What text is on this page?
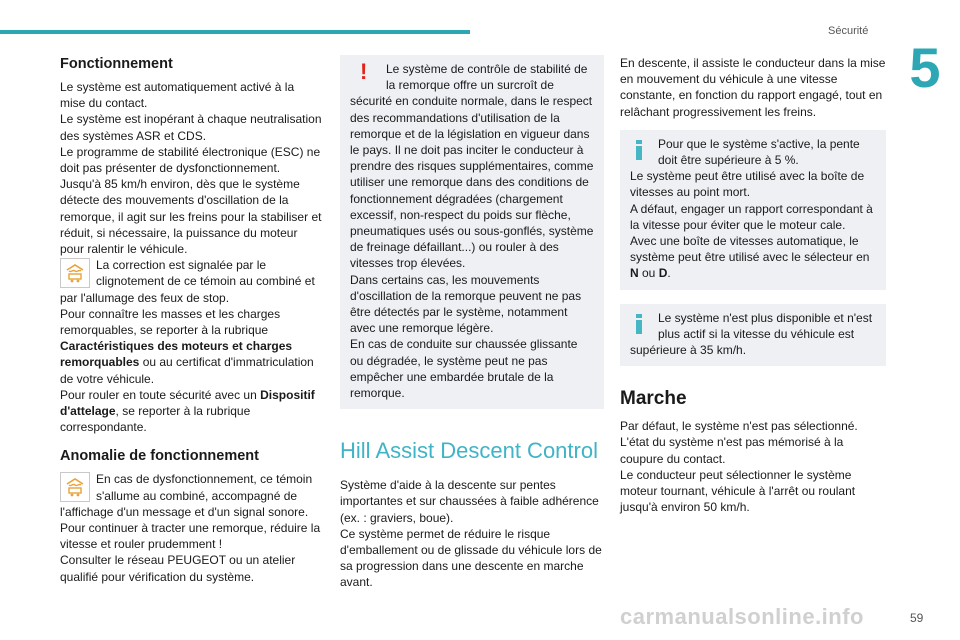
Sécurité
5
Fonctionnement

Le système est automatiquement activé à la mise du contact.

Le système est inopérant à chaque neutralisation des systèmes ASR et CDS.

Le programme de stabilité électronique (ESC) ne doit pas présenter de dysfonctionnement.

Jusqu'à 85 km/h environ, dès que le système détecte des mouvements d'oscillation de la remorque, il agit sur les freins pour la stabiliser et réduit, si nécessaire, la puissance du moteur pour ralentir le véhicule.

La correction est signalée par le clignotement de ce témoin au combiné et par l'allumage des feux de stop.

Pour connaître les masses et les charges remorquables, se reporter à la rubrique Caractéristiques des moteurs et charges remorquables ou au certificat d'immatriculation de votre véhicule.

Pour rouler en toute sécurité avec un Dispositif d'attelage, se reporter à la rubrique correspondante.

Anomalie de fonctionnement
En cas de dysfonctionnement, ce témoin s'allume au combiné, accompagné de l'affichage d'un message et d'un signal sonore.

Pour continuer à tracter une remorque, réduire la vitesse et rouler prudemment !

Consulter le réseau PEUGEOT ou un atelier qualifié pour vérification du système.

!	Le système de contrôle de stabilité de la remorque offre un surcroît de sécurité en conduite normale, dans le respect des recommandations d'utilisation de la remorque et de la législation en vigueur dans le pays. Il ne doit pas inciter le conducteur à prendre des risques supplémentaires, comme utiliser une remorque dans des conditions de fonctionnement dégradées (chargement excessif, non-respect du poids sur flèche, pneumatiques usés ou sous-gonflés, système de freinage défaillant...) ou rouler à des vitesses trop élevées.

Dans certains cas, les mouvements d'oscillation de la remorque peuvent ne pas être détectés par le système, notamment avec une remorque légère.

En cas de conduite sur chaussée glissante ou dégradée, le système peut ne pas empêcher une embardée brutale de la remorque.

Hill Assist Descent Control

Système d'aide à la descente sur pentes importantes et sur chaussées à faible adhérence (ex. : graviers, boue).

Ce système permet de réduire le risque d'emballement ou de glissade du véhicule lors de sa progression dans une descente en marche avant.

En descente, il assiste le conducteur dans la mise en mouvement du véhicule à une vitesse constante, en fonction du rapport engagé, tout en relâchant progressivement les freins.

Pour que le système s'active, la pente doit être supérieure à 5 %.

Le système peut être utilisé avec la boîte de vitesses au point mort.

A défaut, engager un rapport correspondant à la vitesse pour éviter que le moteur cale.

Avec une boîte de vitesses automatique, le système peut être utilisé avec le sélecteur en N ou D.

Le système n'est plus disponible et n'est plus actif si la vitesse du véhicule est supérieure à 35 km/h.

Marche

Par défaut, le système n'est pas sélectionné.

L'état du système n'est pas mémorisé à la coupure du contact.

Le conducteur peut sélectionner le système moteur tournant, véhicule à l'arrêt ou roulant jusqu'à environ 50 km/h.

carmanualsonline.info	59
